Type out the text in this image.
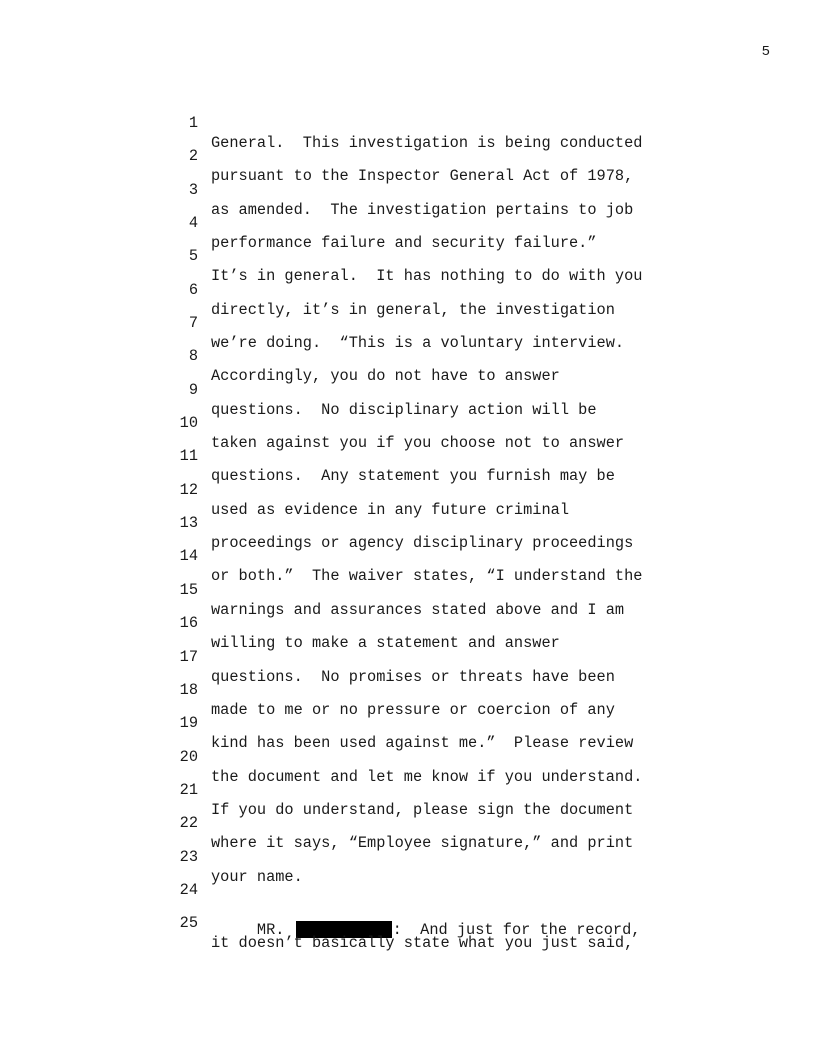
5

1

General.  This investigation is being conducted

2

pursuant to the Inspector General Act of 1978,

3

as amended.  The investigation pertains to job

4

performance failure and security failure.”

5

It’s in general.  It has nothing to do with you

6

directly, it’s in general, the investigation

7

we’re doing.  “This is a voluntary interview.

8

Accordingly, you do not have to answer

9

questions.  No disciplinary action will be

10

taken against you if you choose not to answer

11

questions.  Any statement you furnish may be

12

used as evidence in any future criminal

13

proceedings or agency disciplinary proceedings

14

or both.”  The waiver states, “I understand the

15

warnings and assurances stated above and I am

16

willing to make a statement and answer

17

questions.  No promises or threats have been

18

made to me or no pressure or coercion of any

19

kind has been used against me.”  Please review

20

the document and let me know if you understand.

21

If you do understand, please sign the document

22

where it says, “Employee signature,” and print

23

your name.

24

MR.	:  And just for the record,

25

it doesn’t basically state what you just said,
